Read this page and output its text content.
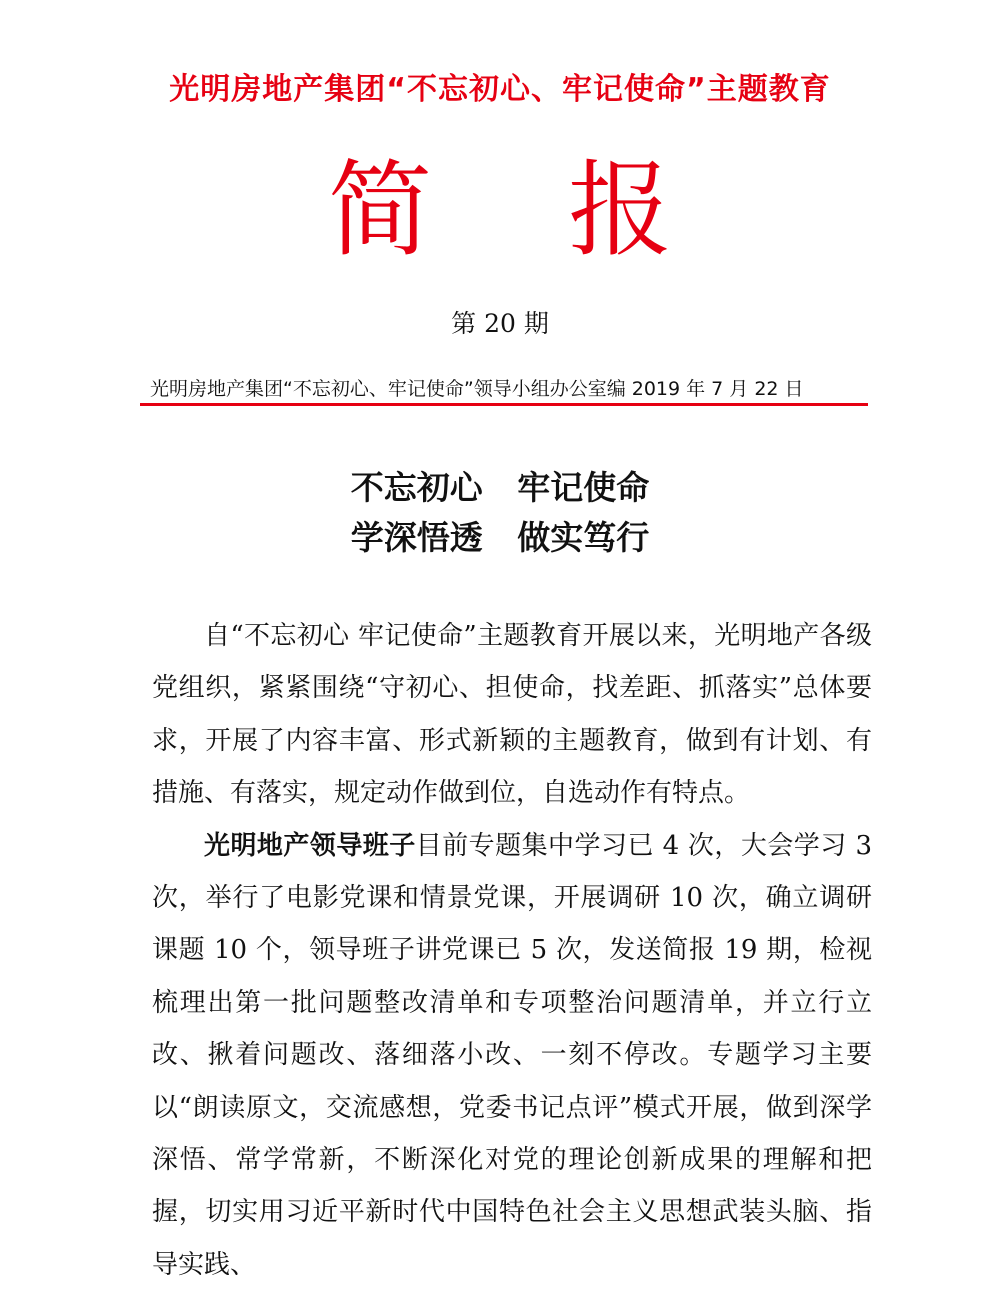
光明房地产集团“不忘初心、牢记使命”主题教育
简 报
第 20 期
光明房地产集团“不忘初心、牢记使命”领导小组办公室编 2019 年 7 月 22 日
不忘初心   牢记使命
学深悟透   做实笃行

自“不忘初心 牢记使命”主题教育开展以来，光明地产各级党组织，紧紧围绕“守初心、担使命，找差距、抓落实”总体要求，开展了内容丰富、形式新颖的主题教育，做到有计划、有措施、有落实，规定动作做到位，自选动作有特点。

光明地产领导班子目前专题集中学习已 4 次，大会学习 3 次，举行了电影党课和情景党课，开展调研 10 次，确立调研课题 10 个，领导班子讲党课已 5 次，发送简报 19 期，检视梳理出第一批问题整改清单和专项整治问题清单，并立行立改、揪着问题改、落细落小改、一刻不停改。专题学习主要以“朗读原文，交流感想，党委书记点评”模式开展，做到深学深悟、常学常新，不断深化对党的理论创新成果的理解和把握，切实用习近平新时代中国特色社会主义思想武装头脑、指导实践、
